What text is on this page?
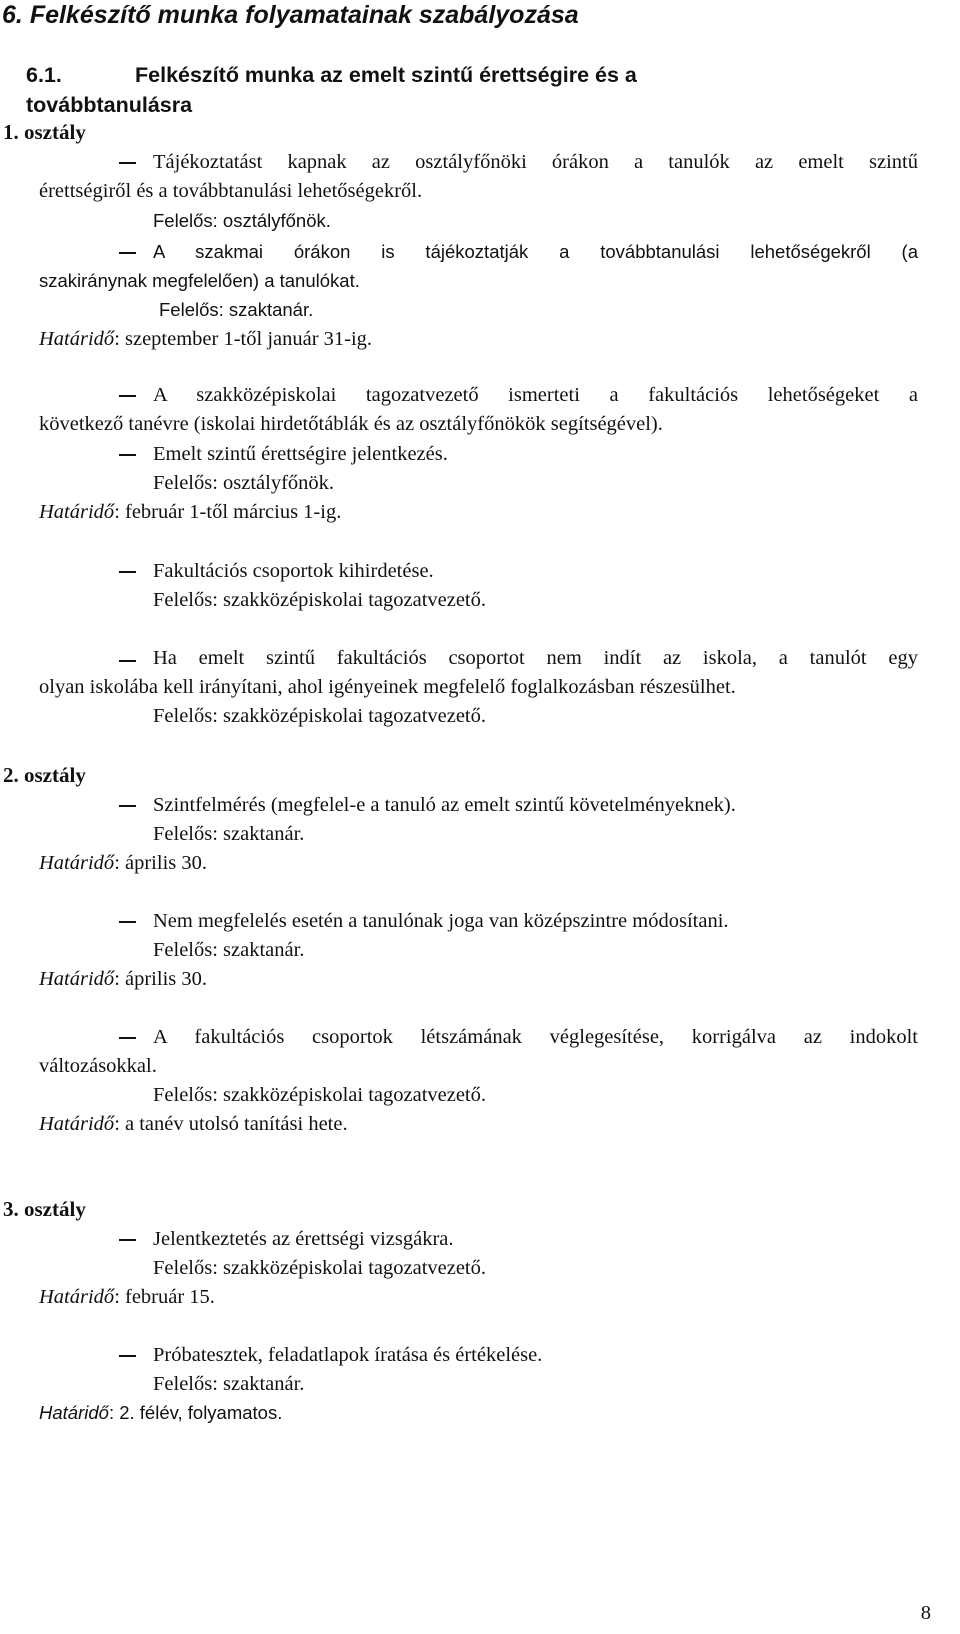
6. Felkészítő munka folyamatainak szabályozása
6.1.	Felkészítő munka az emelt szintű érettségire és a
továbbtanulásra
1. osztály
Tájékoztatást kapnak az osztályfőnöki órákon a tanulók az emelt szintű
érettségiről és a továbbtanulási lehetőségekről.
Felelős: osztályfőnök.
A szakmai órákon is tájékoztatják a továbbtanulási lehetőségekről (a
szakiránynak megfelelően) a tanulókat.
Felelős: szaktanár.
Határidő: szeptember 1-től január 31-ig.
A szakközépiskolai tagozatvezető ismerteti a fakultációs lehetőségeket a
következő tanévre (iskolai hirdetőtáblák és az osztályfőnökök segítségével).
Emelt szintű érettségire jelentkezés.
Felelős: osztályfőnök.
Határidő: február 1-től március 1-ig.
Fakultációs csoportok kihirdetése.
Felelős: szakközépiskolai tagozatvezető.
Ha emelt szintű fakultációs csoportot nem indít az iskola, a tanulót egy
olyan iskolába kell irányítani, ahol igényeinek megfelelő foglalkozásban részesülhet.
Felelős: szakközépiskolai tagozatvezető.
2. osztály
Szintfelmérés (megfelel-e a tanuló az emelt szintű követelményeknek).
Felelős: szaktanár.
Határidő: április 30.
Nem megfelelés esetén a tanulónak joga van középszintre módosítani.
Felelős: szaktanár.
Határidő: április 30.
A fakultációs csoportok létszámának véglegesítése, korrigálva az indokolt
változásokkal.
Felelős: szakközépiskolai tagozatvezető.
Határidő: a tanév utolsó tanítási hete.
3. osztály
Jelentkeztetés az érettségi vizsgákra.
Felelős: szakközépiskolai tagozatvezető.
Határidő: február 15.
Próbatesztek, feladatlapok íratása és értékelése.
Felelős: szaktanár.
Határidő: 2. félév, folyamatos.
8
